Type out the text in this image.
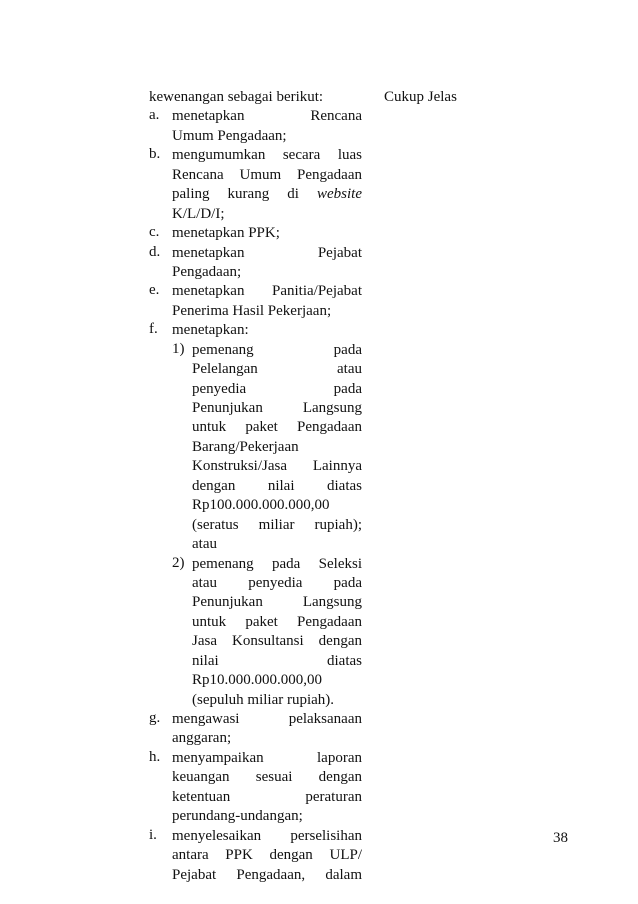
kewenangan sebagai berikut:
a. menetapkan Rencana
Umum Pengadaan;
b. mengumumkan secara luas
Rencana Umum Pengadaan
paling kurang di website
K/L/D/I;
c. menetapkan PPK;
d. menetapkan Pejabat
Pengadaan;
e. menetapkan Panitia/Pejabat
Penerima Hasil Pekerjaan;
f. menetapkan:
1) pemenang pada
Pelelangan atau
penyedia pada
Penunjukan Langsung
untuk paket Pengadaan
Barang/Pekerjaan
Konstruksi/Jasa Lainnya
dengan nilai diatas
Rp100.000.000.000,00
(seratus miliar rupiah);
atau
2) pemenang pada Seleksi
atau penyedia pada
Penunjukan Langsung
untuk paket Pengadaan
Jasa Konsultansi dengan
nilai diatas
Rp10.000.000.000,00
(sepuluh miliar rupiah).
g. mengawasi pelaksanaan
anggaran;
h. menyampaikan laporan
keuangan sesuai dengan
ketentuan peraturan
perundang-undangan;
i. menyelesaikan perselisihan
antara PPK dengan ULP/
Pejabat Pengadaan, dalam
Cukup Jelas
38
